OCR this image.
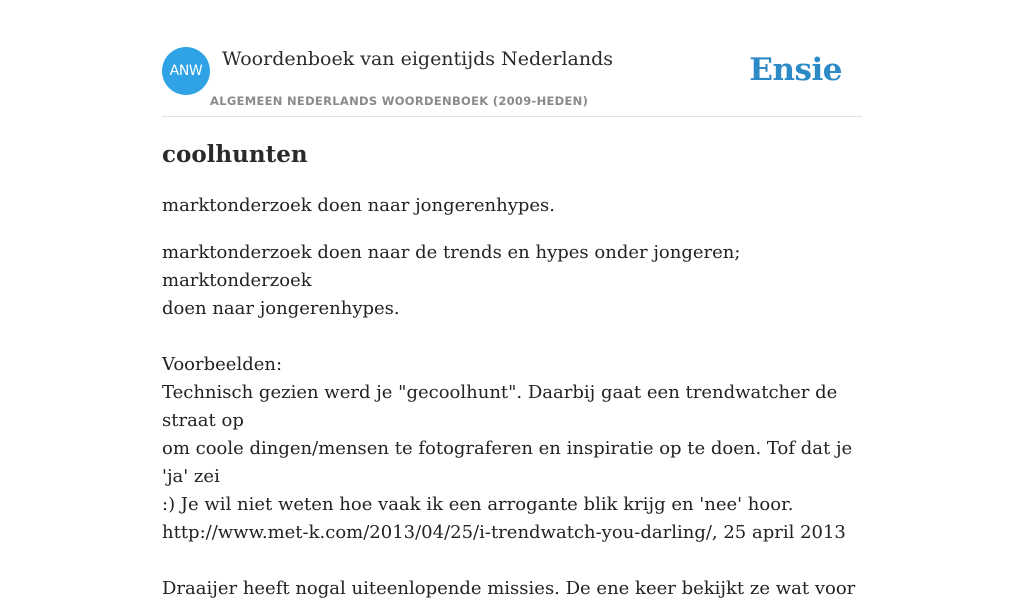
ANW
Woordenboek van eigentijds Nederlands
ALGEMEEN NEDERLANDS WOORDENBOEK (2009-HEDEN)
Ensie
coolhunten
marktonderzoek doen naar jongerenhypes.
marktonderzoek doen naar de trends en hypes onder jongeren; marktonderzoek
doen naar jongerenhypes.

Voorbeelden:
Technisch gezien werd je "gecoolhunt". Daarbij gaat een trendwatcher de straat op
om coole dingen/mensen te fotograferen en inspiratie op te doen. Tof dat je 'ja' zei
:) Je wil niet weten hoe vaak ik een arrogante blik krijg en 'nee' hoor.
http://www.met-k.com/2013/04/25/i-trendwatch-you-darling/, 25 april 2013

Draaijer heeft nogal uiteenlopende missies. De ene keer bekijkt ze wat voor
